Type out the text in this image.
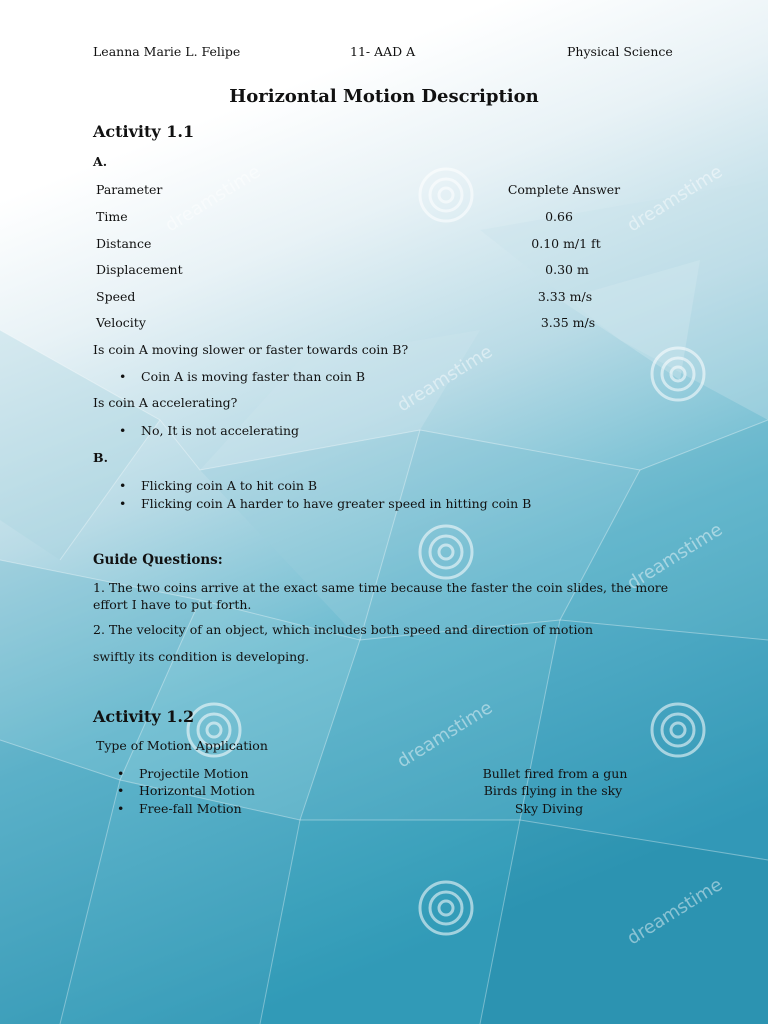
dreamstime
dreamstime
dreamstime
dreamstime
dreamstime
dreamstime
Leanna Marie L. Felipe	11- AAD A	Physical Science
Horizontal Motion Description
Activity 1.1
A.
Parameter	Complete Answer
Time	0.66
Distance	0.10 m/1 ft
Displacement	0.30 m
Speed	3.33 m/s
Velocity	3.35 m/s
Is coin A moving slower or faster towards coin B?
• Coin A is moving faster than coin B
Is coin A accelerating?
• No, It is not accelerating
B.
• Flicking coin A to hit coin B
• Flicking coin A harder to have greater speed in hitting coin B
Guide Questions:
1. The two coins arrive at the exact same time because the faster the coin slides, the more effort I have to put forth.
2. The velocity of an object, which includes both speed and direction of motion
swiftly its condition is developing.
Activity 1.2
Type of Motion Application
• Projectile Motion	Bullet fired from a gun
• Horizontal Motion	Birds flying in the sky
• Free-fall Motion	Sky Diving
